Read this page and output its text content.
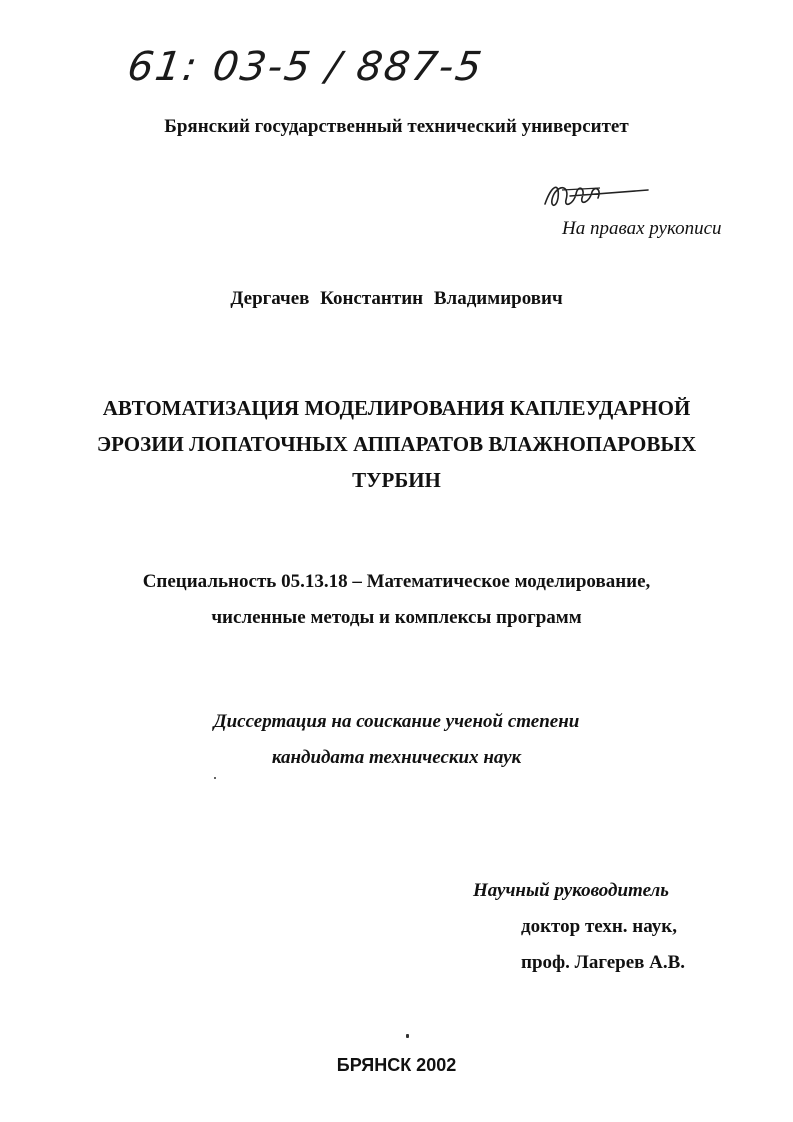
61: 03-5 / 887-5
Брянский государственный технический университет
На правах рукописи
Дергачев Константин Владимирович
АВТОМАТИЗАЦИЯ МОДЕЛИРОВАНИЯ КАПЛЕУДАРНОЙ
ЭРОЗИИ ЛОПАТОЧНЫХ АППАРАТОВ ВЛАЖНОПАРОВЫХ
ТУРБИН
Специальность 05.13.18 – Математическое моделирование,
численные методы и комплексы программ
Диссертация на соискание ученой степени
кандидата технических наук
Научный руководитель
доктор техн. наук,
проф. Лагерев А.В.
БРЯНСК 2002
